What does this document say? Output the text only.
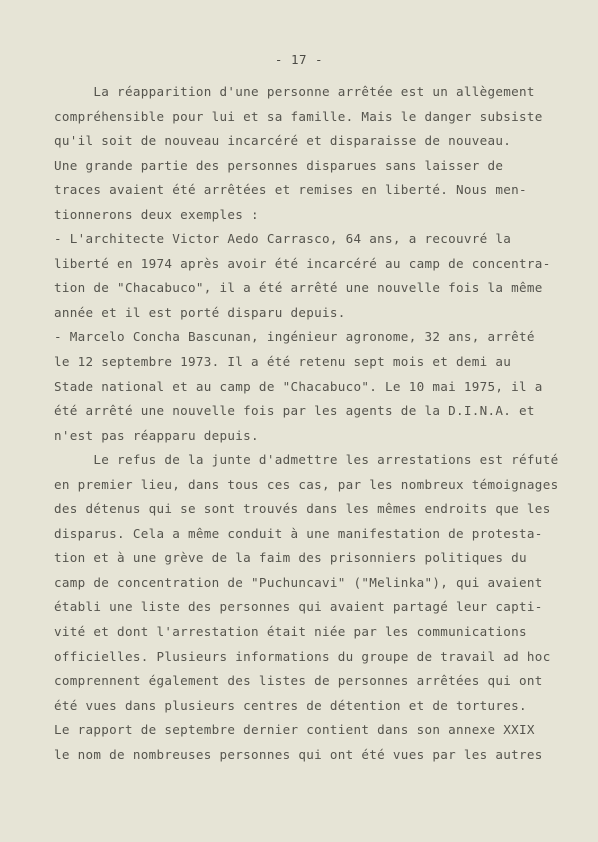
- 17 -
La réapparition d'une personne arrêtée est un allègement
compréhensible pour lui et sa famille. Mais le danger subsiste
qu'il soit de nouveau incarcéré et disparaisse de nouveau.
Une grande partie des personnes disparues sans laisser de
traces avaient été arrêtées et remises en liberté. Nous men-
tionnerons deux exemples :
- L'architecte Victor Aedo Carrasco, 64 ans, a recouvré la
liberté en 1974 après avoir été incarcéré au camp de concentra-
tion de "Chacabuco", il a été arrêté une nouvelle fois la même
année et il est porté disparu depuis.
- Marcelo Concha Bascunan, ingénieur agronome, 32 ans, arrêté
le 12 septembre 1973. Il a été retenu sept mois et demi au
Stade national et au camp de "Chacabuco". Le 10 mai 1975, il a
été arrêté une nouvelle fois par les agents de la D.I.N.A. et
n'est pas réapparu depuis.
Le refus de la junte d'admettre les arrestations est réfuté
en premier lieu, dans tous ces cas, par les nombreux témoignages
des détenus qui se sont trouvés dans les mêmes endroits que les
disparus. Cela a même conduit à une manifestation de protesta-
tion et à une grève de la faim des prisonniers politiques du
camp de concentration de "Puchuncavi" ("Melinka"), qui avaient
établi une liste des personnes qui avaient partagé leur capti-
vité et dont l'arrestation était niée par les communications
officielles. Plusieurs informations du groupe de travail ad hoc
comprennent également des listes de personnes arrêtées qui ont
été vues dans plusieurs centres de détention et de tortures.
Le rapport de septembre dernier contient dans son annexe XXIX
le nom de nombreuses personnes qui ont été vues par les autres
